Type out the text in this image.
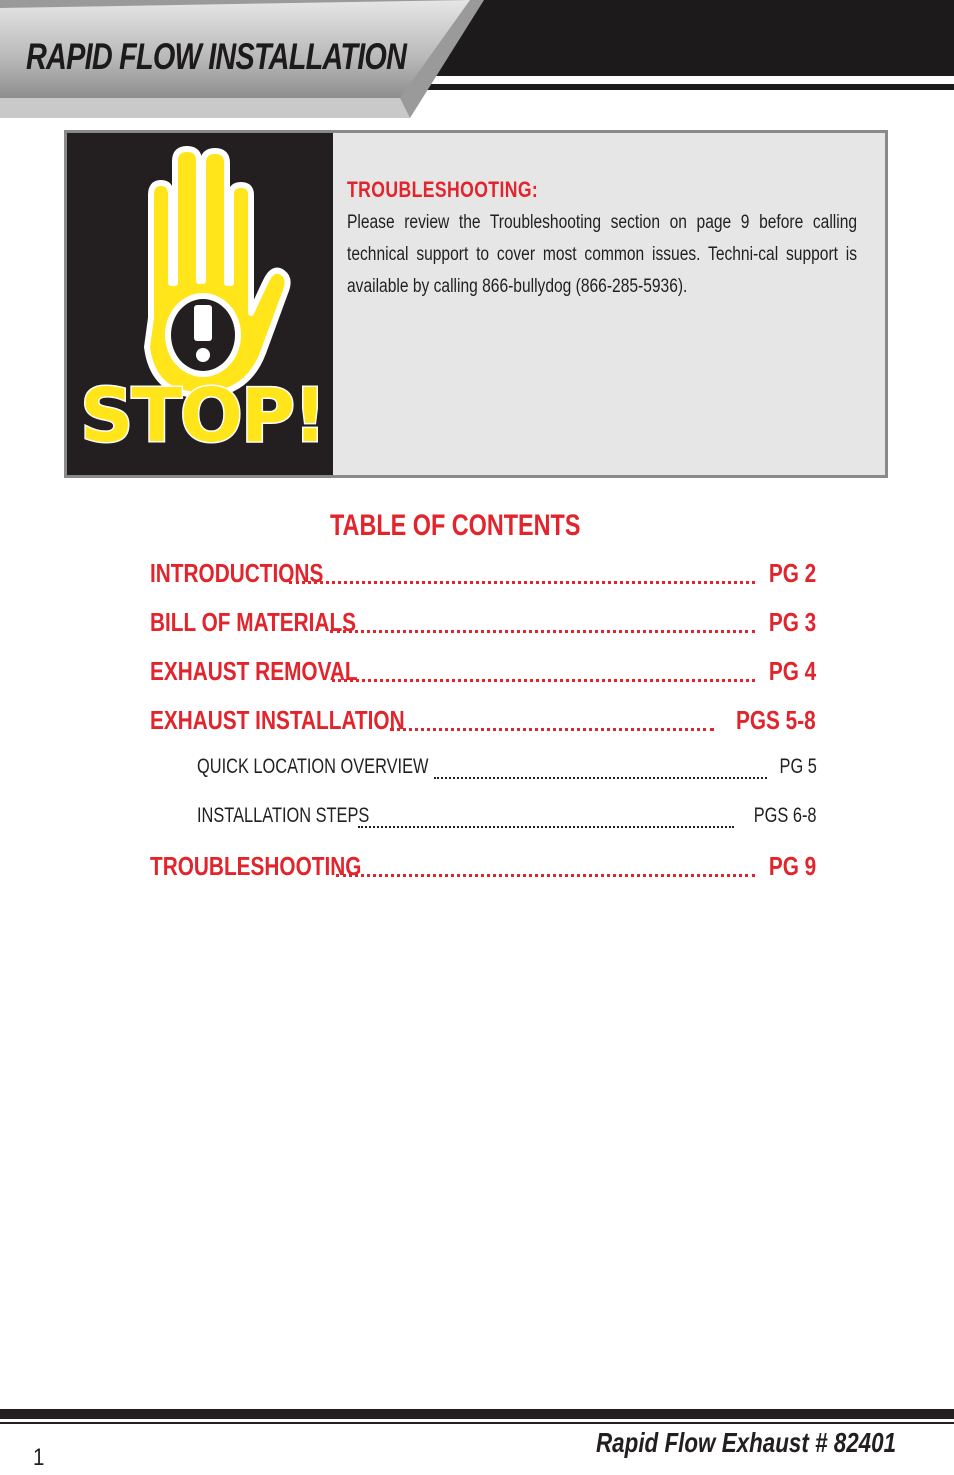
RAPID FLOW INSTALLATION
STOP!
TROUBLESHOOTING:
Please review the Troubleshooting section on page 9 before calling technical support to cover most common issues. Techni-cal support is available by calling 866-bullydog (866-285-5936).
TABLE OF CONTENTS
INTRODUCTIONS	PG 2
BILL OF MATERIALS	PG 3
EXHAUST REMOVAL	PG 4
EXHAUST INSTALLATION	PGS 5-8
QUICK LOCATION OVERVIEW	PG 5
INSTALLATION STEPS	PGS 6-8
TROUBLESHOOTING	PG 9
Rapid Flow Exhaust # 82401
1
